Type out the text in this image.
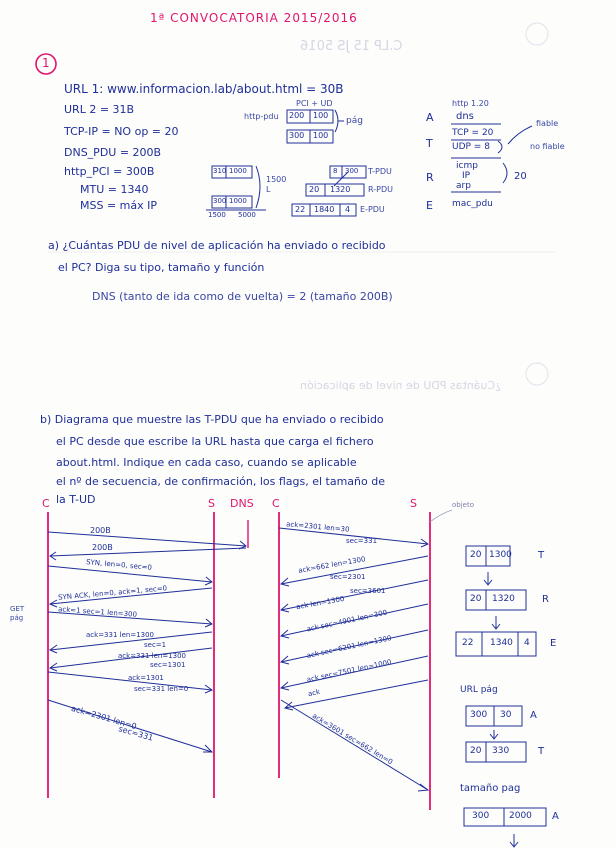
C.LP 15 JS 5016
¿Cuántas PDU de nivel de aplicación
1ª CONVOCATORIA 2015/2016
1
URL 1: www.informacion.lab/about.html = 30B
URL 2 = 31B
TCP-IP = NO op = 20
DNS_PDU = 200B
http_PCI = 300B
MTU = 1340
MSS = máx IP
PCI + UD
http-pdu	pág
200 100
300 100
310 1000
300 1000
1500
L
1500 5000
8 300 T-PDU
20 1320 R-PDU
22 1840 4 E-PDU
A
T
R
E
http 1.20
dns
TCP = 20
UDP = 8
fiable
no fiable
icmp
IP
arp
20
mac_pdu
a) ¿Cuántas PDU de nivel de aplicación ha enviado o recibido
el PC? Diga su tipo, tamaño y función
DNS (tanto de ida como de vuelta) = 2 (tamaño 200B)
b) Diagrama que muestre las T-PDU que ha enviado o recibido
el PC desde que escribe la URL hasta que carga el fichero
about.html. Indique en cada caso, cuando se aplicable
el nº de secuencia, de confirmación, los flags, el tamaño de
la T-UD
C	S DNS
200B
200B
SYN, len=0, sec=0
SYN ACK, len=0, ack=1, sec=0
GET
pág	ack=1 sec=1 len=300
ack=331 len=1300
sec=1
ack=331 len=1300
sec=1301
ack=1301
sec=331 len=0
ack=2301 len=0
sec=331
C	S	objeto
ack=2301 len=30
sec=331
ack=662 len=1300
sec=2301
sec=3601
ack len=1300
ack sec=4901 len=300
ack sec=6201 len=1300
ack sec=7501 len=1000
ack
ack=3601 sec=662 len=0
20 1300	T
20 1320	R
22 1340 4 E
URL pág
300 30 A
20 330	T
tamaño pag
300 2000 A
